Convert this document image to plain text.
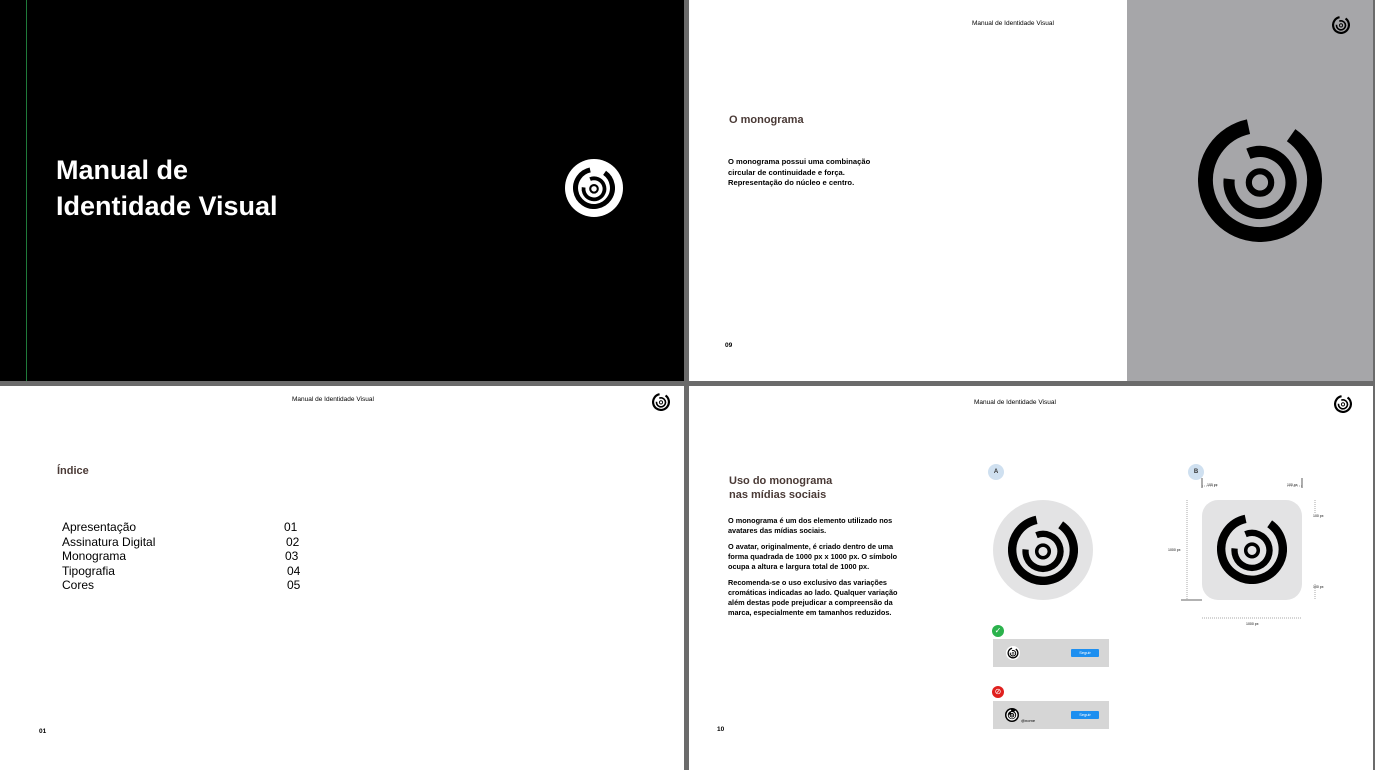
Manual de
Identidade Visual
Manual de Identidade Visual
O monograma
O monograma possui uma combinação
circular de continuidade e força.
Representação do núcleo e centro.
09
Manual de Identidade Visual
Índice
01
Apresentação	01
Assinatura Digital	02
Monograma	03
Tipografia	04
Cores	05
Manual de Identidade Visual
Uso do monograma
nas mídias sociais
O monograma é um dos elemento utilizado nos
avatares das mídias sociais.
O avatar, originalmente, é criado dentro de uma
forma quadrada de 1000 px x 1000 px. O símbolo
ocupa a altura e largura total de 1000 px.
Recomenda-se o uso exclusivo das variações
cromáticas indicadas ao lado. Qualquer variação
além destas pode prejudicar a compreensão da
marca, especialmente em tamanhos reduzidos.
A	B
100 px	100 px
100 px
100 px
1000 px
1000 px
✓
Seguir
⊘
@nome
Seguir
10
